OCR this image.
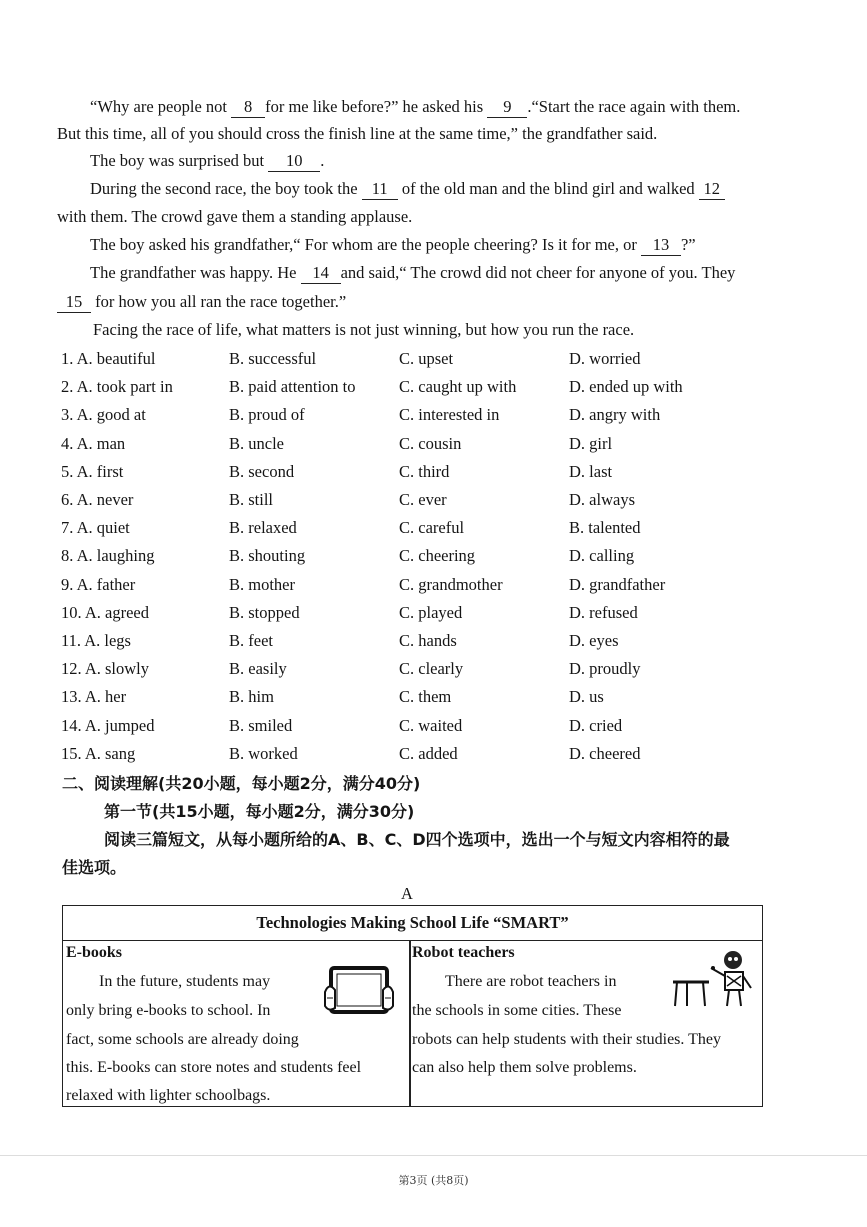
“Why are people not 8 for me like before?” he asked his 9 .“Start the race again with them.
But this time, all of you should cross the finish line at the same time,” the grandfather said.
The boy was surprised but 10 .
During the second race, the boy took the 11 of the old man and the blind girl and walked 12
with them. The crowd gave them a standing applause.
The boy asked his grandfather,“ For whom are the people cheering? Is it for me, or 13 ?”
The grandfather was happy. He 14 and said,“ The crowd did not cheer for anyone of you. They
15 for how you all ran the race together.”
Facing the race of life, what matters is not just winning, but how you run the race.
1. A. beautiful	B. successful	C. upset	D. worried
2. A. took part in	B. paid attention to	C. caught up with	D. ended up with
3. A. good at	B. proud of	C. interested in	D. angry with
4. A. man	B. uncle	C. cousin	D. girl
5. A. first	B. second	C. third	D. last
6. A. never	B. still	C. ever	D. always
7. A. quiet	B. relaxed	C. careful	B. talented
8. A. laughing	B. shouting	C. cheering	D. calling
9. A. father	B. mother	C. grandmother	D. grandfather
10. A. agreed	B. stopped	C. played	D. refused
11. A. legs	B. feet	C. hands	D. eyes
12. A. slowly	B. easily	C. clearly	D. proudly
13. A. her	B. him	C. them	D. us
14. A. jumped	B. smiled	C. waited	D. cried
15. A. sang	B. worked	C. added	D. cheered
二、阅读理解(共20小题，每小题2分，满分40分)
第一节(共15小题，每小题2分，满分30分)
阅读三篇短文，从每小题所给的A、B、C、D四个选项中，选出一个与短文内容相符的最
佳选项。
A
Technologies Making School Life “SMART”
E-books
In the future, students may
only bring e-books to school. In
fact, some schools are already doing
this. E-books can store notes and students feel
relaxed with lighter schoolbags.
Robot teachers
There are robot teachers in
the schools in some cities. These
robots can help students with their studies. They
can also help them solve problems.
第3页 (共8页)
